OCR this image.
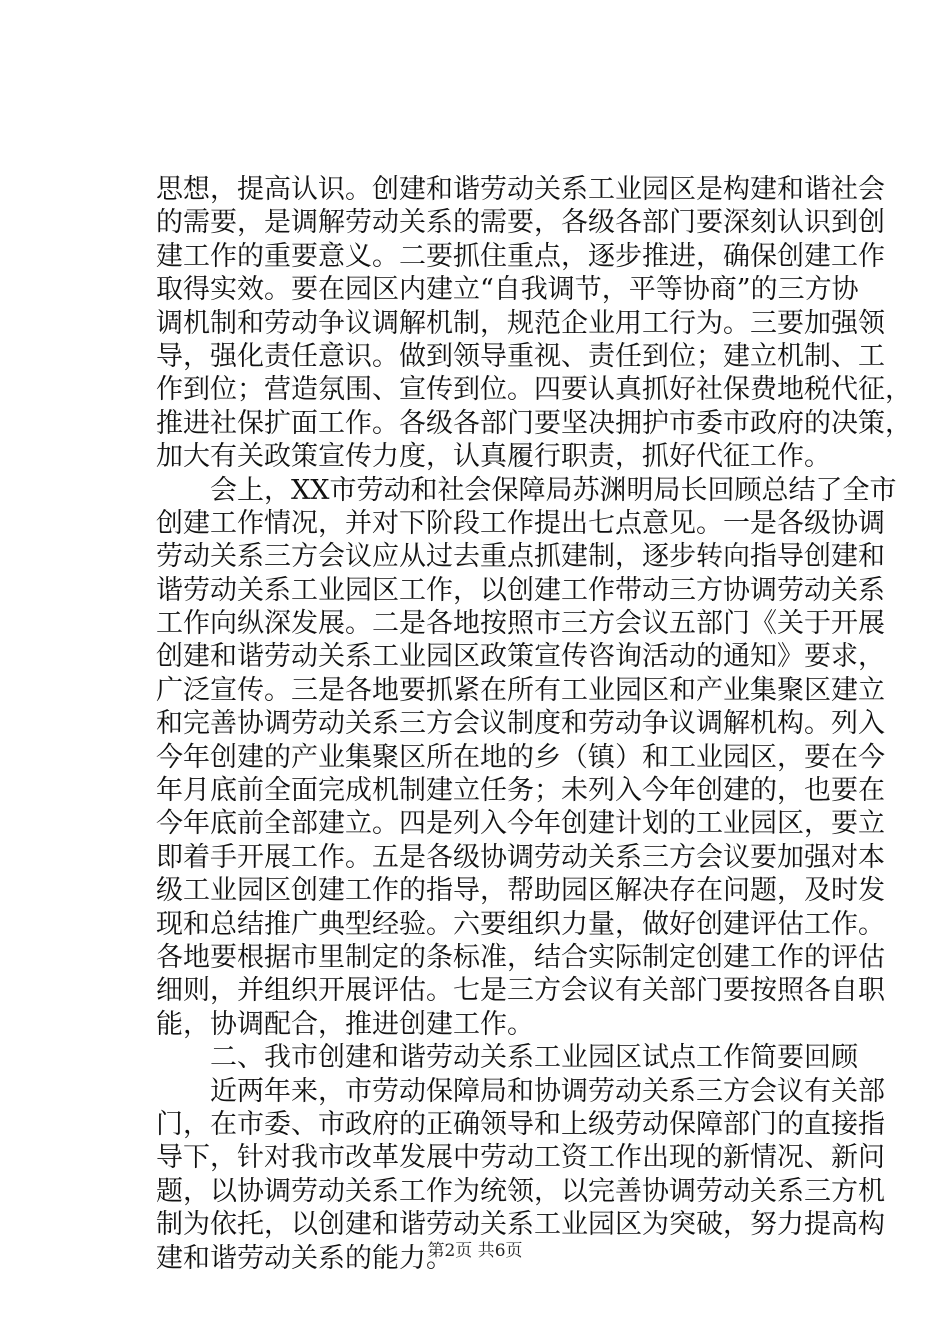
思想，提高认识。创建和谐劳动关系工业园区是构建和谐社会
的需要，是调解劳动关系的需要，各级各部门要深刻认识到创
建工作的重要意义。二要抓住重点，逐步推进，确保创建工作
取得实效。要在园区内建立“自我调节，平等协商”的三方协
调机制和劳动争议调解机制，规范企业用工行为。三要加强领
导，强化责任意识。做到领导重视、责任到位；建立机制、工
作到位；营造氛围、宣传到位。四要认真抓好社保费地税代征，
推进社保扩面工作。各级各部门要坚决拥护市委市政府的决策，
加大有关政策宣传力度，认真履行职责，抓好代征工作。
　　会上，XX市劳动和社会保障局苏渊明局长回顾总结了全市
创建工作情况，并对下阶段工作提出七点意见。一是各级协调
劳动关系三方会议应从过去重点抓建制，逐步转向指导创建和
谐劳动关系工业园区工作，以创建工作带动三方协调劳动关系
工作向纵深发展。二是各地按照市三方会议五部门《关于开展
创建和谐劳动关系工业园区政策宣传咨询活动的通知》要求，
广泛宣传。三是各地要抓紧在所有工业园区和产业集聚区建立
和完善协调劳动关系三方会议制度和劳动争议调解机构。列入
今年创建的产业集聚区所在地的乡（镇）和工业园区，要在今
年月底前全面完成机制建立任务；未列入今年创建的，也要在
今年底前全部建立。四是列入今年创建计划的工业园区，要立
即着手开展工作。五是各级协调劳动关系三方会议要加强对本
级工业园区创建工作的指导，帮助园区解决存在问题，及时发
现和总结推广典型经验。六要组织力量，做好创建评估工作。
各地要根据市里制定的条标准，结合实际制定创建工作的评估
细则，并组织开展评估。七是三方会议有关部门要按照各自职
能，协调配合，推进创建工作。
　　二、我市创建和谐劳动关系工业园区试点工作简要回顾
　　近两年来，市劳动保障局和协调劳动关系三方会议有关部
门，在市委、市政府的正确领导和上级劳动保障部门的直接指
导下，针对我市改革发展中劳动工资工作出现的新情况、新问
题，以协调劳动关系工作为统领，以完善协调劳动关系三方机
制为依托，以创建和谐劳动关系工业园区为突破，努力提高构
建和谐劳动关系的能力。
第2页 共6页
